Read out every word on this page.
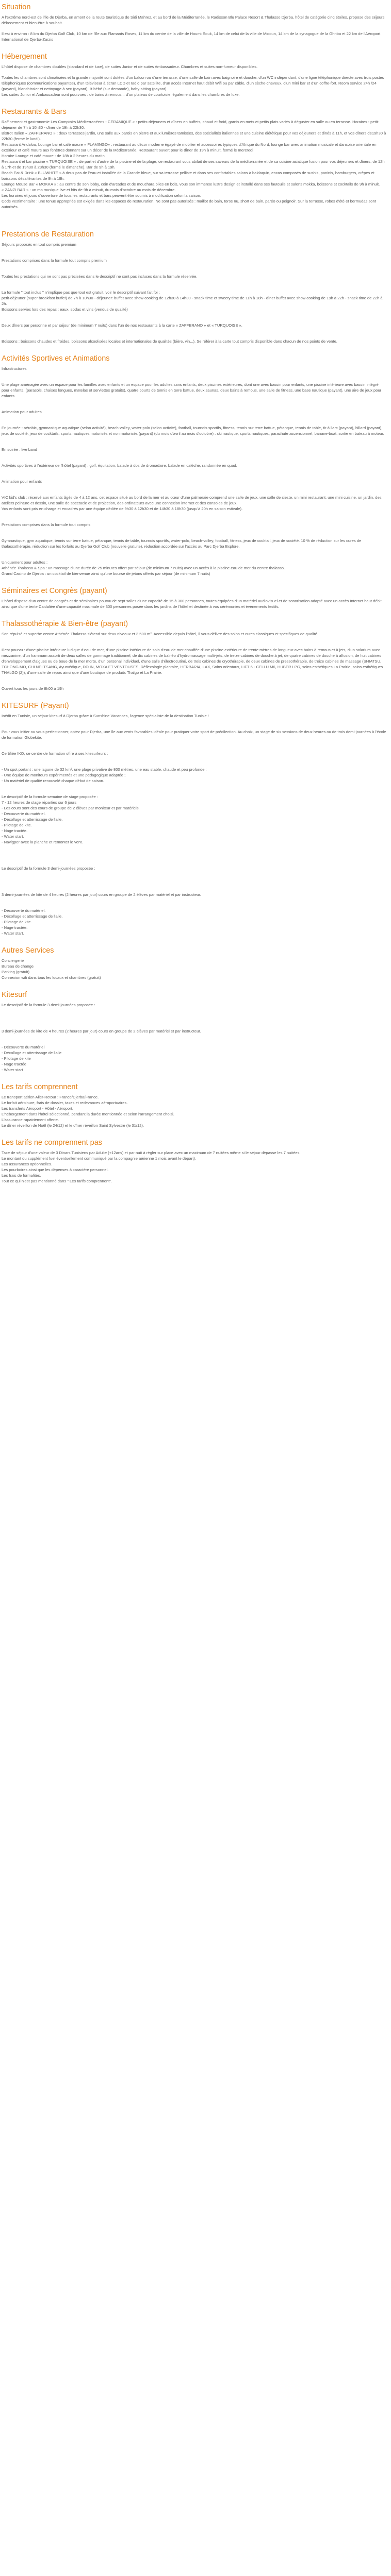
Situation

A l'extrême nord-est de l'île de Djerba, en amont de la route touristique de Sidi Mahrez, et au bord de la Méditerranée, le Radisson Blu Palace Resort & Thalasso Djerba, hôtel de catégorie cinq étoiles, propose des séjours délassement et bien-être à souhait.

Il est à environ : 8 km du Djerba Golf Club, 10 km de l'île aux Flamants Roses, 11 km du centre de la ville de Houmt Souk, 14 km de celui de la ville de Midoun, 14 km de la synagogue de la Ghriba et 22 km de l'Aéroport International de Djerba-Zarzis

Hébergement

L'hôtel dispose de chambres doubles (standard et de luxe), de suites Junior et de suites Ambassadeur. Chambres et suites non-fumeur disponibles.

Toutes les chambres sont climatisées et la grande majorité sont dotées d'un balcon ou d'une terrasse, d'une salle de bain avec baignoire et douche, d'un WC indépendant, d'une ligne téléphonique directe avec trois postes téléphoniques (communications payantes), d'un téléviseur à écran LCD et radio par satellite, d'un accès Internet haut débit Wifi ou par câble, d'un sèche-cheveux, d'un mini bar et d'un coffre-fort. Room service 24h /24 (payant), blanchissier et nettoyage à sec (payant), lit bébé (sur demande), baby-sitting (payant).

Les suites Junior et Ambassadeur sont pourvues : de bains à remous – d'un plateau de courtoisie, également dans les chambres de luxe.

Restaurants & Bars
Raffinement et gastronomie Les Comptoirs Méditerranéens - CERAMIQUE « : petits-déjeuners et dîners en buffets, chaud et froid, garnis en mets et petits plats variés à déguster en salle ou en terrasse. Horaires : petit-déjeuner de 7h à 10h30 - dîner de 19h à 22h30.
Bistrot Italien « ZAFFERANO » : deux terrasses jardin, une salle aux parois en pierre et aux lumières tamisées, des spécialités italiennes et une cuisine diététique pour vos déjeuners et dinés à 11h, et vos dîners de19h30 à 22h30 (fermé le lundi).
Restaurant Andalou, Lounge bar et café maure « FLAMINGO» : restaurant au décor moderne égayé de mobilier et accessoires typiques d'Afrique du Nord, lounge bar avec animation musicale et dansoise orientale en extérieur et café maure aux fenêtres donnant sur un décor de la Méditerranée. Restaurant ouvert pour le dîner de 19h à minuit, fermé le mercredi
Horaire Lounge et café maure : de 18h à 2 heures du matin
Restaurant et bar piscine « TURQUOISE » : de part et d'autre de la piscine et de la plage, ce restaurant vous abilait de ses saveurs de la méditerranée et de sa cuisine asiatique fusion pour vos déjeuners et dîners, de 12h à 17h et de 19h30 à 23h30 (fermé le dimanche). Bar de 9h à 19h.
Beach Eat & Drink « BLUWHITE » à deux pas de l'eau et installée de la Grande bleue, sur sa terrasse pelliste et dans ses confortables salons à baldaquin, encas composés de sushis, paninis, hamburgers, crêpes et boissons désaltérantes de 9h à 19h.
Lounge Mouse Bar « MOKKA » : au centre de son lobby, coin d'arcades et de mouchara biles en bois, vous son immense lustre design et installé dans ses fauteuils et salons mokka, boissons et cocktails de 9h à minuit.
« ZANZI BAR » : un mo musique live et hits de 9h à minuit, du mois d'octobre au mois de décembre.
Les horaires et jours d'ouverture de tous les restaurants et bars peuvent être soumis à modification selon la saison.
Code vestimentaire : une tenue appropriée est exigée dans les espaces de restauration. Ne sont pas autorisés : maillot de bain, torse nu, short de bain, paréo ou peignoir. Sur la terrasse, robes d'été et bermudas sont autorisés.
Prestations de Restauration

Séjours proposés en tout compris premium

Prestations comprises dans la formule tout compris premium

Toutes les prestations qui ne sont pas précisées dans le descriptif ne sont pas incluses dans la formule réservée.

La formule " tout inclus " n'implique pas que tout est gratuit, voir le descriptif suivant fait foi :
petit-déjeuner (super breakfast buffet) de 7h à 10h30 - déjeuner: buffet avec show cooking de 12h30 à 14h30 - snack time et sweety time de 11h à 18h - dîner buffet avec show cooking de 19h à 22h - snack time de 22h à 2h.
Boissons servies lors des repas : eaux, sodas et vins (vendus de qualité)

Deux dîners par personne et par séjour (de minimum 7 nuits) dans l'un de nos restaurants à la carte « ZAFFERANO » et « TURQUOISE ».

Boissons : boissons chaudes et froides, boissons alcoolisées locales et internationales de qualités (bière, vin,..). Se référer à la carte tout compris disponible dans chacun de nos points de vente.

Activités Sportives et Animations

Infrastructures

Une plage aménagée avec un espace pour les familles avec enfants et un espace pour les adultes sans enfants, deux piscines extérieures, dont une avec bassin pour enfants, une piscine intérieure avec bassin intégré pour enfants, (parasols, chaises longues, matelas et serviettes gratuits), quatre courts de tennis en terre battue, deux saunas, deux bains à remous, une salle de fitness, une base nautique (payant), une aire de jeux pour enfants.

Animation pour adultes

En journée : aérobic, gymnastique aquatique (selon activité), beach-volley, water-polo (selon activité), football, tournois sportifs, fitness, tennis sur terre battue, pétanque, tennis de table, tir à l'arc (payant), billard (payant), jeux de société, jeux de cocktails, sports nautiques motorisés et non motorisés (payant) (du mois d'avril au mois d'octobre) : ski nautique, sports nautiques, parachute ascensionnel, banane-boat, sortie en bateau à moteur.

En soirée : live band

Activités sportives à l'extérieur de l'hôtel (payant) : golf, équitation, balade à dos de dromadaire, balade en calèche, randonnée en quad.

Animation pour enfants

VIC kid's club : réservé aux enfants âgés de 4 à 12 ans, cet espace situé au bord de la mer et au cœur d'une palmeraie comprend une salle de jeux, une salle de sieste, un mini restaurant, une mini cuisine, un jardin, des ateliers peinture et dessin, une salle de spectacle et de projection, des ordinateurs avec une connexion internet et des consoles de jeux.
Vos enfants sont pris en charge et encadrés par une équipe dédiée de 9h30 à 12h30 et de 14h30 à 18h30 (jusqu'à 20h en saison estivale).

Prestations comprises dans la formule tout compris

Gymnastique, gym aquatique, tennis sur terre battue, pétanque, tennis de table, tournois sportifs, water-polo, beach-volley, football, fitness, jeux de cocktail, jeux de société. 10 % de réduction sur les cures de thalassothérapie, réduction sur les forfaits au Djerba Golf Club (nouvelle gratuite), réduction accordée sur l'accès au Parc Djerba Explore.

Uniquement pour adultes :
Athénée Thalasso & Spa : un massage d'une durée de 25 minutes offert par séjour (de minimum 7 nuits) avec un accès à la piscine eau de mer du centre thalasso.
Grand Casino de Djerba : un cocktail de bienvenue ainsi qu'une bourse de jetons offerts par séjour (de minimum 7 nuits)

Séminaires et Congrès (payant)

L'hôtel dispose d'un centre de congrès et de séminaires pourvu de sept salles d'une capacité de 15 à 300 personnes, toutes équipées d'un matériel audiovisuel et de sonorisation adapté avec un accès Internet haut débit ainsi que d'une tente Caidaliée d'une capacité maximale de 300 personnes posée dans les jardins de l'hôtel et destinée à vos cérémonies et événements festifs.

Thalassothérapie & Bien-être (payant)

Son répulsé et superbe centre Athénée Thalasso s'étend sur deux niveaux et 3 500 m². Accessible depuis l'hôtel, il vous délivre des soins et cures classiques et spécifiques de qualité.

Il est pourvu : d'une piscine intérieure ludique d'eau de mer, d'une piscine intérieure de soin d'eau de mer chauffée d'une piscine extérieure de trente mètres de longueur avec bains à remous et à jets, d'un solarium avec mezzanine, d'un hammam assorti de deux salles de gommage traditionnel, de dix cabines de balnéo d'hydromassage multi-jets, de treize cabines de douche à jet, de quatre cabines de douche à affusion, de huit cabines d'enveloppement d'algues ou de boue de la mer morte, d'un personal individuel, d'une salle d'électrocutiné, de trois cabines de cryothérapie, de deux cabines de pressothérapie, de treize cabines de massage (SHIATSU, TCHONG MO, CHI NEI TSANG, Ayurvédique, DO IN, MOXA ET VENTOUSES, Réflexologie plantaire, HERBARIA, LAX, Soins orientaux, LIFT 6 - CELLU M6, HUBER LPG, soins esthétiques La Prairie, soins esthétiques THALGO (2)), d'une salle de repos ainsi que d'une boutique de produits Thalgo et La Prairie.

Ouvert tous les jours de 8h00 à 19h

KITESURF (Payant)

Inédit en Tunisie, un séjour kitesurf à Djerba grâce à Sunshine Vacances, l'agence spécialiste de la destination Tunisie !

Pour vous initier ou vous perfectionner, optez pour Djerba, une île aux vents favorables idéale pour pratiquer votre sport de prédilection. Au choix, un stage de six sessions de deux heures ou de trois demi-journées à l'école de formation Globekite.

Certifiée IKO, ce centre de formation offre à ses kitesurfeurs :

- Un spot portant : une lagune de 32 km², une plage privative de 800 mètres, une eau stable, chaude et peu profonde ;
- Une équipe de moniteurs expérimentés et une pédagogique adaptée ;
- Un matériel de qualité renouvelé chaque début de saison.
Le descriptif de la formule semaine de stage proposée :
7 - 12 heures de stage réparties sur 6 jours
- Les cours sont des cours de groupe de 2 élèves par moniteur et par matériels.
- Découverte du matériel.
- Décollage et atterrissage de l'aile.
- Pilotage de kite.
- Nage tractée.
- Water start.
- Navigper avec la planche et remonter le vent.

Le descriptif de la formule 3 demi-journées proposée :

3 demi-journées de kite de 4 heures (2 heures par jour) cours en groupe de 2 élèves par matériel et par instructeur.

- Découverte du matériel.
- Décollage et atterrissage de l'aile.
- Pilotage de kite.
- Nage tractée.
- Water start.
Autres Services
Conciergerie
Bureau de change
Parking (gratuit)
Connexion wifi dans tous les locaux et chambres (gratuit)
Kitesurf

Le descriptif de la formule 3 demi-journées proposée :

3 demi-journées de kite de 4 heures (2 heures par jour) cours en groupe de 2 élèves par matériel et par instructeur.

- Découverte du matériel
- Décollage et atterrissage de l'aile
- Pilotage de kite
- Nage tractée
- Water start
Les tarifs comprennent
Le transport aérien Aller-Retour : France/Djerba/France.
Le forfait aéroinure, frais de dossier, taxes et redevances aéroportuaires.
Les transferts Aéroport - Hôtel - Aéroport.
L'hébergement dans l'hôtel sélectionné, pendant la durée mentionnée et selon l'arrangement choisi.
L'assurance rapatriement offerte.
Le dîner réveillon de Noël (le 24/12) et le dîner réveillon Saint Sylvestre (le 31/12).
Les tarifs ne comprennent pas
Taxe de séjour d'une valeur de 3 Dinars Tunisiens par Adulte (+12ans) et par nuit à régler sur place avec un maximum de 7 nuitées même si le séjour dépasse les 7 nuitées.
Le montant du supplément fuel éventuellement communiqué par la compagnie aérienne 1 mois avant le départ).
Les assurances optionnelles.
Les pourboires ainsi que les dépenses à caractère personnel.
Les frais de formalités.
Tout ce qui n'est pas mentionné dans " Les tarifs comprennent".
